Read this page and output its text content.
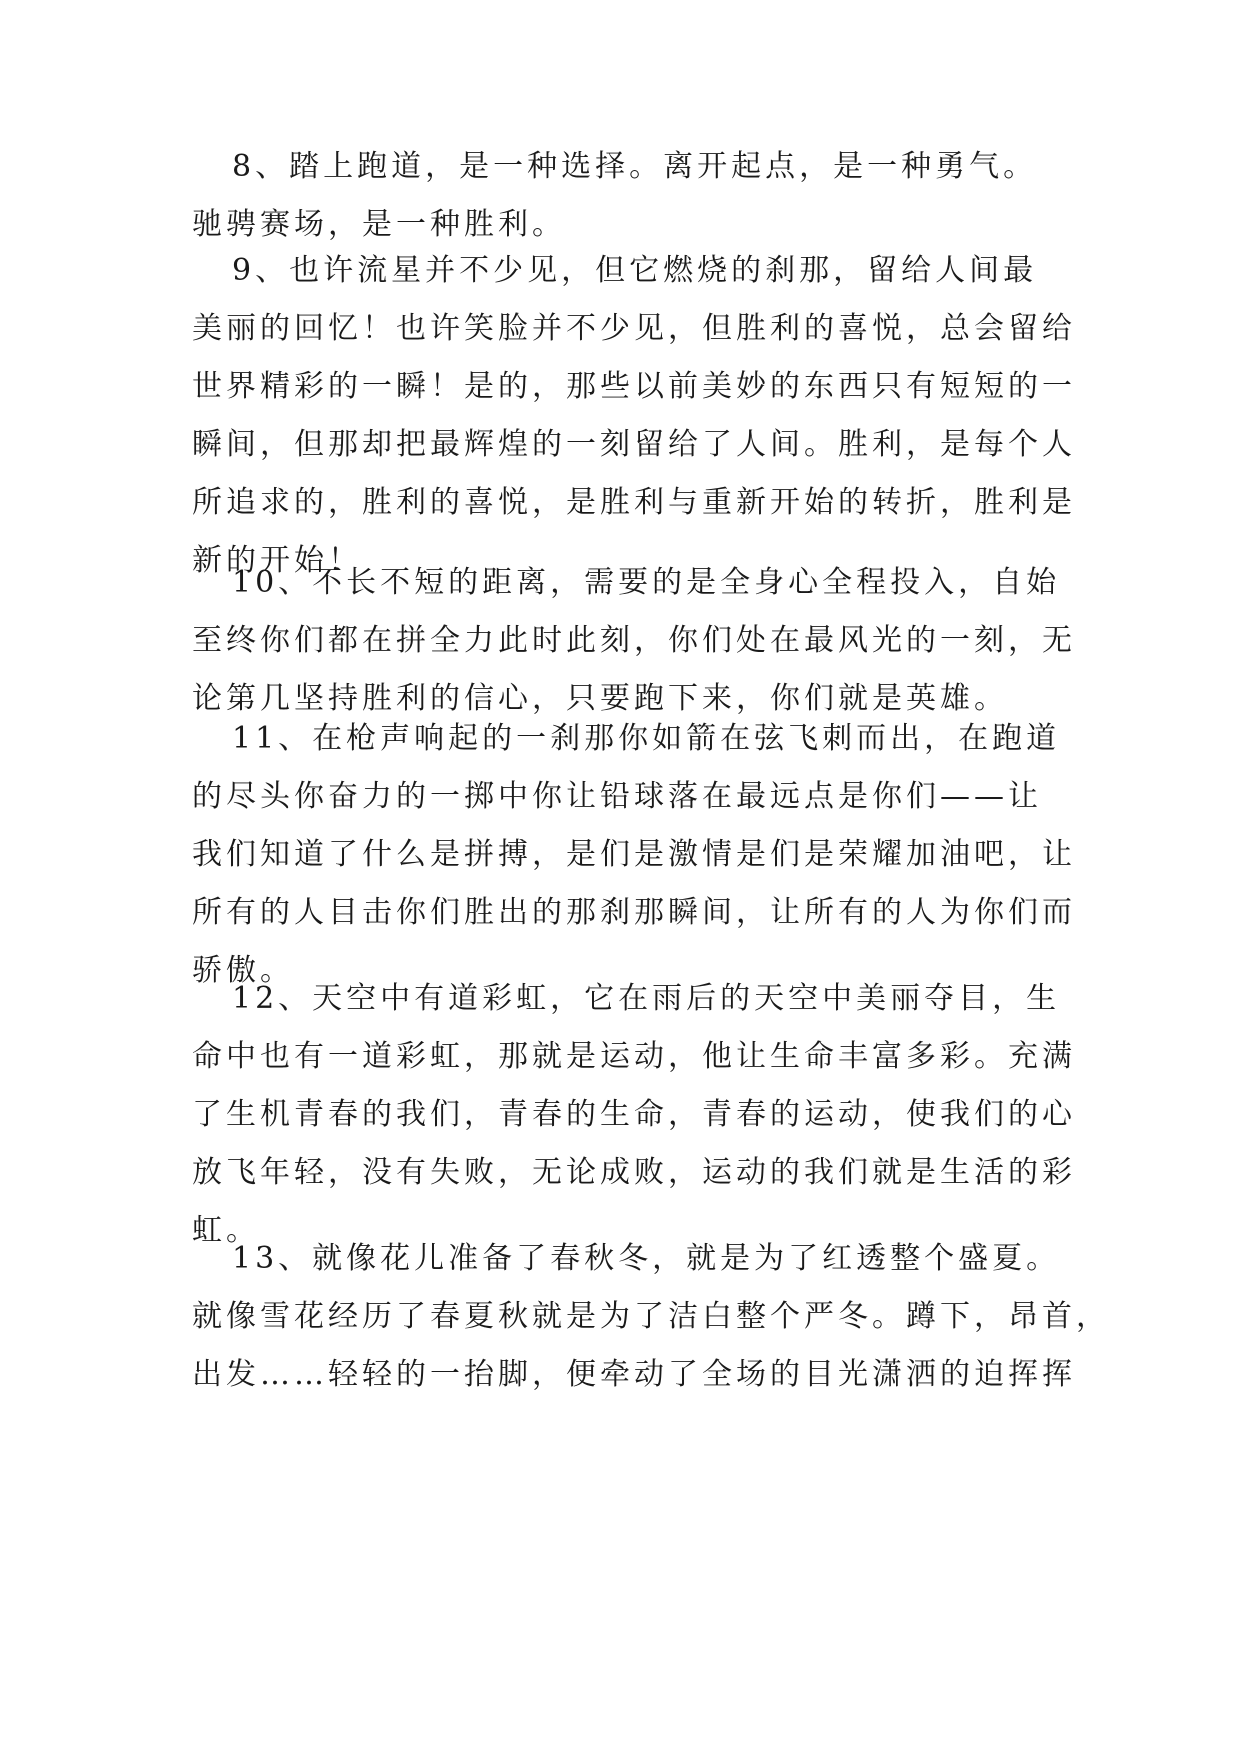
8、踏上跑道，是一种选择。离开起点，是一种勇气。
驰骋赛场，是一种胜利。
9、也许流星并不少见，但它燃烧的刹那，留给人间最
美丽的回忆！也许笑脸并不少见，但胜利的喜悦，总会留给
世界精彩的一瞬！是的，那些以前美妙的东西只有短短的一
瞬间，但那却把最辉煌的一刻留给了人间。胜利，是每个人
所追求的，胜利的喜悦，是胜利与重新开始的转折，胜利是
新的开始！
10、不长不短的距离，需要的是全身心全程投入，自始
至终你们都在拼全力此时此刻，你们处在最风光的一刻，无
论第几坚持胜利的信心，只要跑下来，你们就是英雄。
11、在枪声响起的一刹那你如箭在弦飞刺而出，在跑道
的尽头你奋力的一掷中你让铅球落在最远点是你们——让
我们知道了什么是拼搏，是们是激情是们是荣耀加油吧，让
所有的人目击你们胜出的那刹那瞬间，让所有的人为你们而
骄傲。
12、天空中有道彩虹，它在雨后的天空中美丽夺目，生
命中也有一道彩虹，那就是运动，他让生命丰富多彩。充满
了生机青春的我们，青春的生命，青春的运动，使我们的心
放飞年轻，没有失败，无论成败，运动的我们就是生活的彩
虹。
13、就像花儿准备了春秋冬，就是为了红透整个盛夏。
就像雪花经历了春夏秋就是为了洁白整个严冬。蹲下，昂首，
出发……轻轻的一抬脚，便牵动了全场的目光潇洒的迫挥挥
